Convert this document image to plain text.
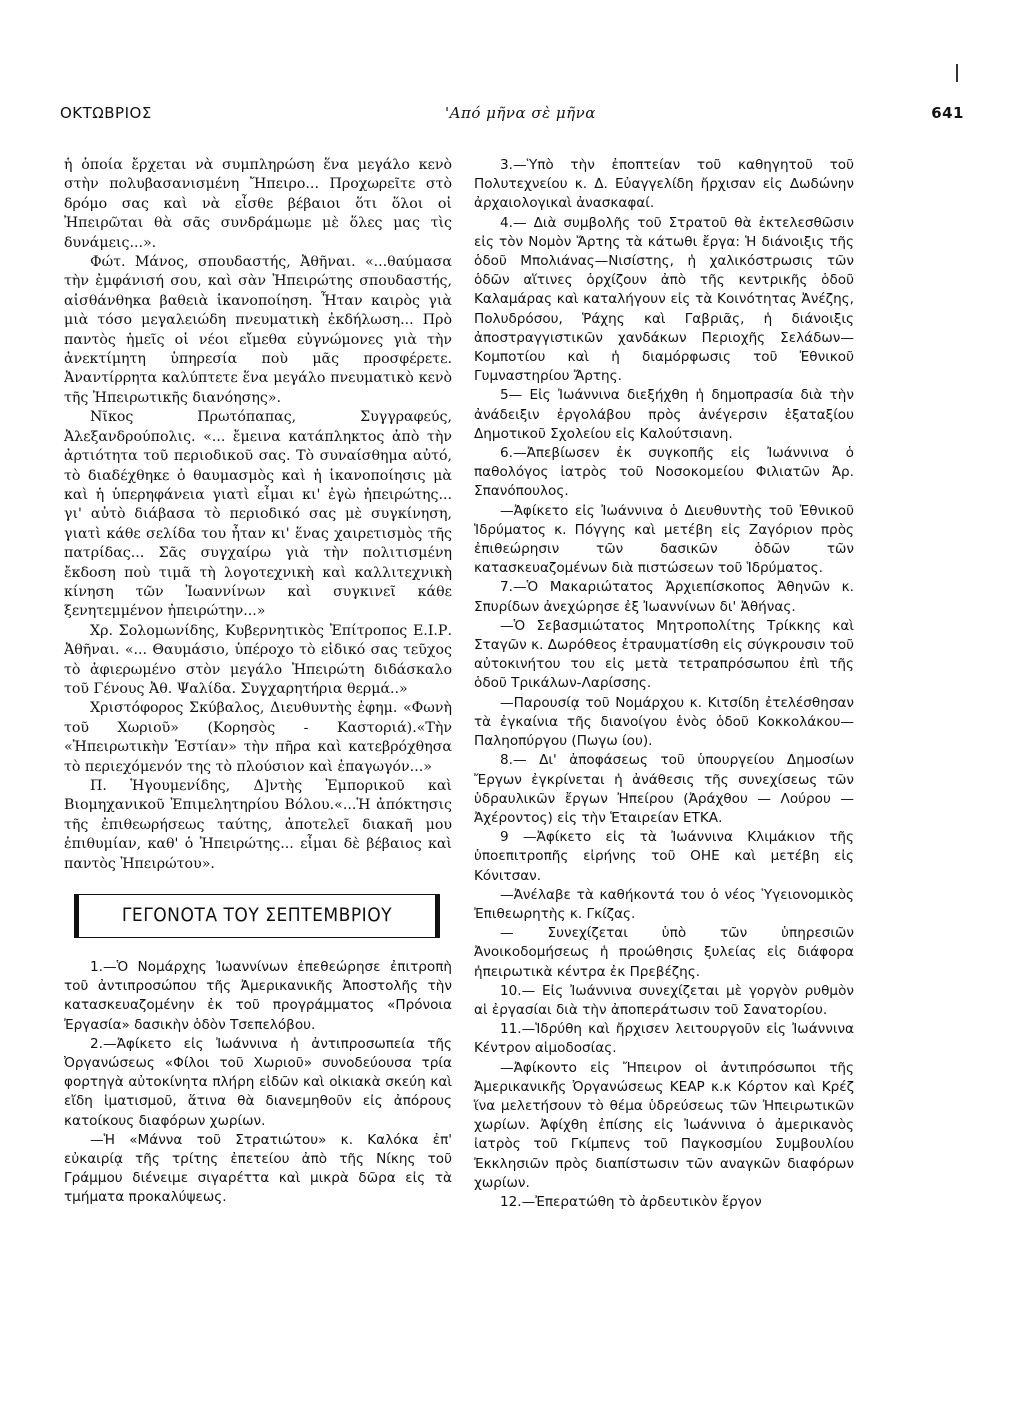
ΟΚΤΩΒΡΙΟΣ	'Από μῆνα σὲ μῆνα	641

ἡ ὁποία ἔρχεται νὰ συμπληρώση ἕνα μεγάλο κενὸ στὴν πολυβασανισμένη Ἤπειρο... Προχωρεῖτε στὸ δρόμο σας καὶ νὰ εἶσθε βέβαιοι ὅτι ὅλοι οἱ Ἠπειρῶται θὰ σᾶς συνδράμωμε μὲ ὅλες μας τὶς δυνάμεις...».

Φώτ. Μάνος, σπουδαστής, Ἀθῆναι. «...θαύμασα τὴν ἐμφάνισή σου, καὶ σὰν Ἠπειρώτης σπουδαστής, αἰσθάνθηκα βαθειὰ ἱκανοποίηση. Ἦταν καιρὸς γιὰ μιὰ τόσο μεγαλειώδη πνευματικὴ ἐκδήλωση... Πρὸ παντὸς ἡμεῖς οἱ νέοι εἴμεθα εὐγνώμονες γιὰ τὴν ἀνεκτίμητη ὑπηρεσία ποὺ μᾶς προσφέρετε. Ἀναντίρρητα καλύπτετε ἕνα μεγάλο πνευματικὸ κενὸ τῆς Ἠπειρωτικῆς διανόησης».

Νῖκος Πρωτόπαπας, Συγγραφεύς, Ἀλεξανδρούπολις. «... ἔμεινα κατάπληκτος ἀπὸ τὴν ἀρτιότητα τοῦ περιοδικοῦ σας. Τὸ συναίσθημα αὐτό, τὸ διαδέχθηκε ὁ θαυμασμὸς καὶ ἡ ἱκανοποίησις μὰ καὶ ἡ ὑπερηφάνεια γιατὶ εἶμαι κι' ἐγὼ ἠπειρώτης... γι' αὐτὸ διάβασα τὸ περιοδικό σας μὲ συγκίνηση, γιατὶ κάθε σελίδα του ἦταν κι' ἕνας χαιρετισμὸς τῆς πατρίδας... Σᾶς συγχαίρω γιὰ τὴν πολιτισμένη ἔκδοση ποὺ τιμᾶ τὴ λογοτεχνικὴ καὶ καλλιτεχνικὴ κίνηση τῶν Ἰωαννίνων καὶ συγκινεῖ κάθε ξενητεμμένον ἠπειρώτην...»

Χρ. Σολομωνίδης, Κυβερνητικὸς Ἐπίτροπος Ε.Ι.Ρ. Ἀθῆναι. «... Θαυμάσιο, ὑπέροχο τὸ εἰδικό σας τεῦχος τὸ ἀφιερωμένο στὸν μεγάλο Ἠπειρώτη διδάσκαλο τοῦ Γένους Ἀθ. Ψαλίδα. Συγχαρητήρια θερμά..»

Χριστόφορος Σκύβαλος, Διευθυντὴς ἐφημ. «Φωνὴ τοῦ Χωριοῦ» (Κορησὸς - Καστοριά).«Τὴν «Ἠπειρωτικὴν Ἑστίαν» τὴν πῆρα καὶ κατεβρόχθησα τὸ περιεχόμενόν της τὸ πλούσιον καὶ ἐπαγωγόν...»

Π. Ἡγουμενίδης, Δ]ντὴς Ἐμπορικοῦ καὶ Βιομηχανικοῦ Ἐπιμελητηρίου Βόλου.«...Ἡ ἀπόκτησις τῆς ἐπιθεωρήσεως ταύτης, ἀποτελεῖ διακαῆ μου ἐπιθυμίαν, καθ' ὁ Ἠπειρώτης... εἶμαι δὲ βέβαιος καὶ παντὸς Ἠπειρώτου».

ΓΕΓΟΝΟΤΑ ΤΟΥ ΣΕΠΤΕΜΒΡΙΟΥ

1.—Ὁ Νομάρχης Ἰωαννίνων ἐπεθεώρησε ἐπιτροπὴ τοῦ ἀντιπροσώπου τῆς Ἀμερικανικῆς Ἀποστολῆς τὴν κατασκευαζομένην ἐκ τοῦ προγράμματος «Πρόνοια Ἐργασία» δασικὴν ὁδὸν Τσεπελόβου.

2.—Ἀφίκετο εἰς Ἰωάννινα ἡ ἀντιπροσωπεία τῆς Ὀργανώσεως «Φίλοι τοῦ Χωριοῦ» συνοδεύουσα τρία φορτηγὰ αὐτοκίνητα πλήρη εἰδῶν καὶ οἰκιακὰ σκεύη καὶ εἴδη ἱματισμοῦ, ἅτινα θὰ διανεμηθοῦν εἰς ἀπόρους κατοίκους διαφόρων χωρίων.

—Ἡ «Μάννα τοῦ Στρατιώτου» κ. Καλόκα ἐπ' εὐκαιρίᾳ τῆς τρίτης ἐπετείου ἀπὸ τῆς Νίκης τοῦ Γράμμου διένειμε σιγαρέττα καὶ μικρὰ δῶρα εἰς τὰ τμήματα προκαλύψεως.

3.—Ὑπὸ τὴν ἐποπτείαν τοῦ καθηγητοῦ τοῦ Πολυτεχνείου κ. Δ. Εὐαγγελίδη ἤρχισαν εἰς Δωδώνην ἀρχαιολογικαὶ ἀνασκαφαί.

4.— Διὰ συμβολῆς τοῦ Στρατοῦ θὰ ἐκτελεσθῶσιν εἰς τὸν Νομὸν Ἄρτης τὰ κάτωθι ἔργα: Ἡ διάνοιξις τῆς ὁδοῦ Μπολιάνας—Νισίστης, ἡ χαλικόστρωσις τῶν ὁδῶν αἵτινες ὁρχίζουν ἀπὸ τῆς κεντρικῆς ὁδοῦ Καλαμάρας καὶ καταλήγουν εἰς τὰ Κοινότητας Ἀνέζης, Πολυδρόσου, Ῥάχης καὶ Γαβριᾶς, ἡ διάνοιξις ἀποστραγγιστικῶν χανδάκων Περιοχῆς Σελάδων—Κομποτίου καὶ ἡ διαμόρφωσις τοῦ Ἐθνικοῦ Γυμναστηρίου Ἄρτης.

5— Εἰς Ἰωάννινα διεξήχθη ἡ δημοπρασία διὰ τὴν ἀνάδειξιν ἐργολάβου πρὸς ἀνέγερσιν ἑξαταξίου Δημοτικοῦ Σχολείου εἰς Καλούτσιανη.

6.—Ἀπεβίωσεν ἐκ συγκοπῆς εἰς Ἰωάννινα ὁ παθολόγος ἰατρὸς τοῦ Νοσοκομείου Φιλιατῶν Ἀρ. Σπανόπουλος.

—Ἀφίκετο εἰς Ἰωάννινα ὁ Διευθυντὴς τοῦ Ἐθνικοῦ Ἱδρύματος κ. Πόγγης καὶ μετέβη εἰς Ζαγόριον πρὸς ἐπιθεώρησιν τῶν δασικῶν ὁδῶν τῶν κατασκευαζομένων διὰ πιστώσεων τοῦ Ἱδρύματος.

7.—Ὁ Μακαριώτατος Ἀρχιεπίσκοπος Ἀθηνῶν κ. Σπυρίδων ἀνεχώρησε ἐξ Ἰωαννίνων δι' Ἀθήνας.

—Ὁ Σεβασμιώτατος Μητροπολίτης Τρίκκης καὶ Σταγῶν κ. Δωρόθεος ἐτραυματίσθη εἰς σύγκρουσιν τοῦ αὐτοκινήτου του εἰς μετὰ τετραπρόσωπου ἐπὶ τῆς ὁδοῦ Τρικάλων-Λαρίσσης.

—Παρουσίᾳ τοῦ Νομάρχου κ. Κιτσίδη ἐτελέσθησαν τὰ ἐγκαίνια τῆς διανοίγου ἑνὸς ὁδοῦ Κοκκολάκου—Παληοπύργου (Πωγω ίου).

8.— Δι' ἀποφάσεως τοῦ ὑπουργείου Δημοσίων Ἔργων ἐγκρίνεται ἡ ἀνάθεσις τῆς συνεχίσεως τῶν ὑδραυλικῶν ἔργων Ἠπείρου (Ἀράχθου — Λούρου — Ἀχέροντος) εἰς τὴν Ἑταιρείαν ΕΤΚΑ.

9 —Ἀφίκετο εἰς τὰ Ἰωάννινα Κλιμάκιον τῆς ὑποεπιτροπῆς εἰρήνης τοῦ ΟΗΕ καὶ μετέβη εἰς Κόνιτσαν.

—Ἀνέλαβε τὰ καθήκοντά του ὁ νέος Ὑγειονομικὸς Ἐπιθεωρητὴς κ. Γκίζας.

— Συνεχίζεται ὑπὸ τῶν ὑπηρεσιῶν Ἀνοικοδομήσεως ἡ προώθησις ξυλείας εἰς διάφορα ἠπειρωτικὰ κέντρα ἐκ Πρεβέζης.

10.— Εἰς Ἰωάννινα συνεχίζεται μὲ γοργὸν ρυθμὸν αἱ ἐργασίαι διὰ τὴν ἀποπεράτωσιν τοῦ Σανατορίου.

11.—Ἱδρύθη καὶ ἤρχισεν λειτουργοῦν εἰς Ἰωάννινα Κέντρον αἱμοδοσίας.

—Ἀφίκοντο εἰς Ἤπειρον οἱ ἀντιπρόσωποι τῆς Ἀμερικανικῆς Ὀργανώσεως ΚΕΑΡ κ.κ Κόρτον καὶ Κρέζ ἵνα μελετήσουν τὸ θέμα ὑδρεύσεως τῶν Ἠπειρωτικῶν χωρίων. Ἀφίχθη ἐπίσης εἰς Ἰωάννινα ὁ ἀμερικανὸς ἰατρὸς τοῦ Γκίμπενς τοῦ Παγκοσμίου Συμβουλίου Ἐκκλησιῶν πρὸς διαπίστωσιν τῶν αναγκῶν διαφόρων χωρίων.

12.—Ἐπερατώθη τὸ ἀρδευτικὸν ἔργον
